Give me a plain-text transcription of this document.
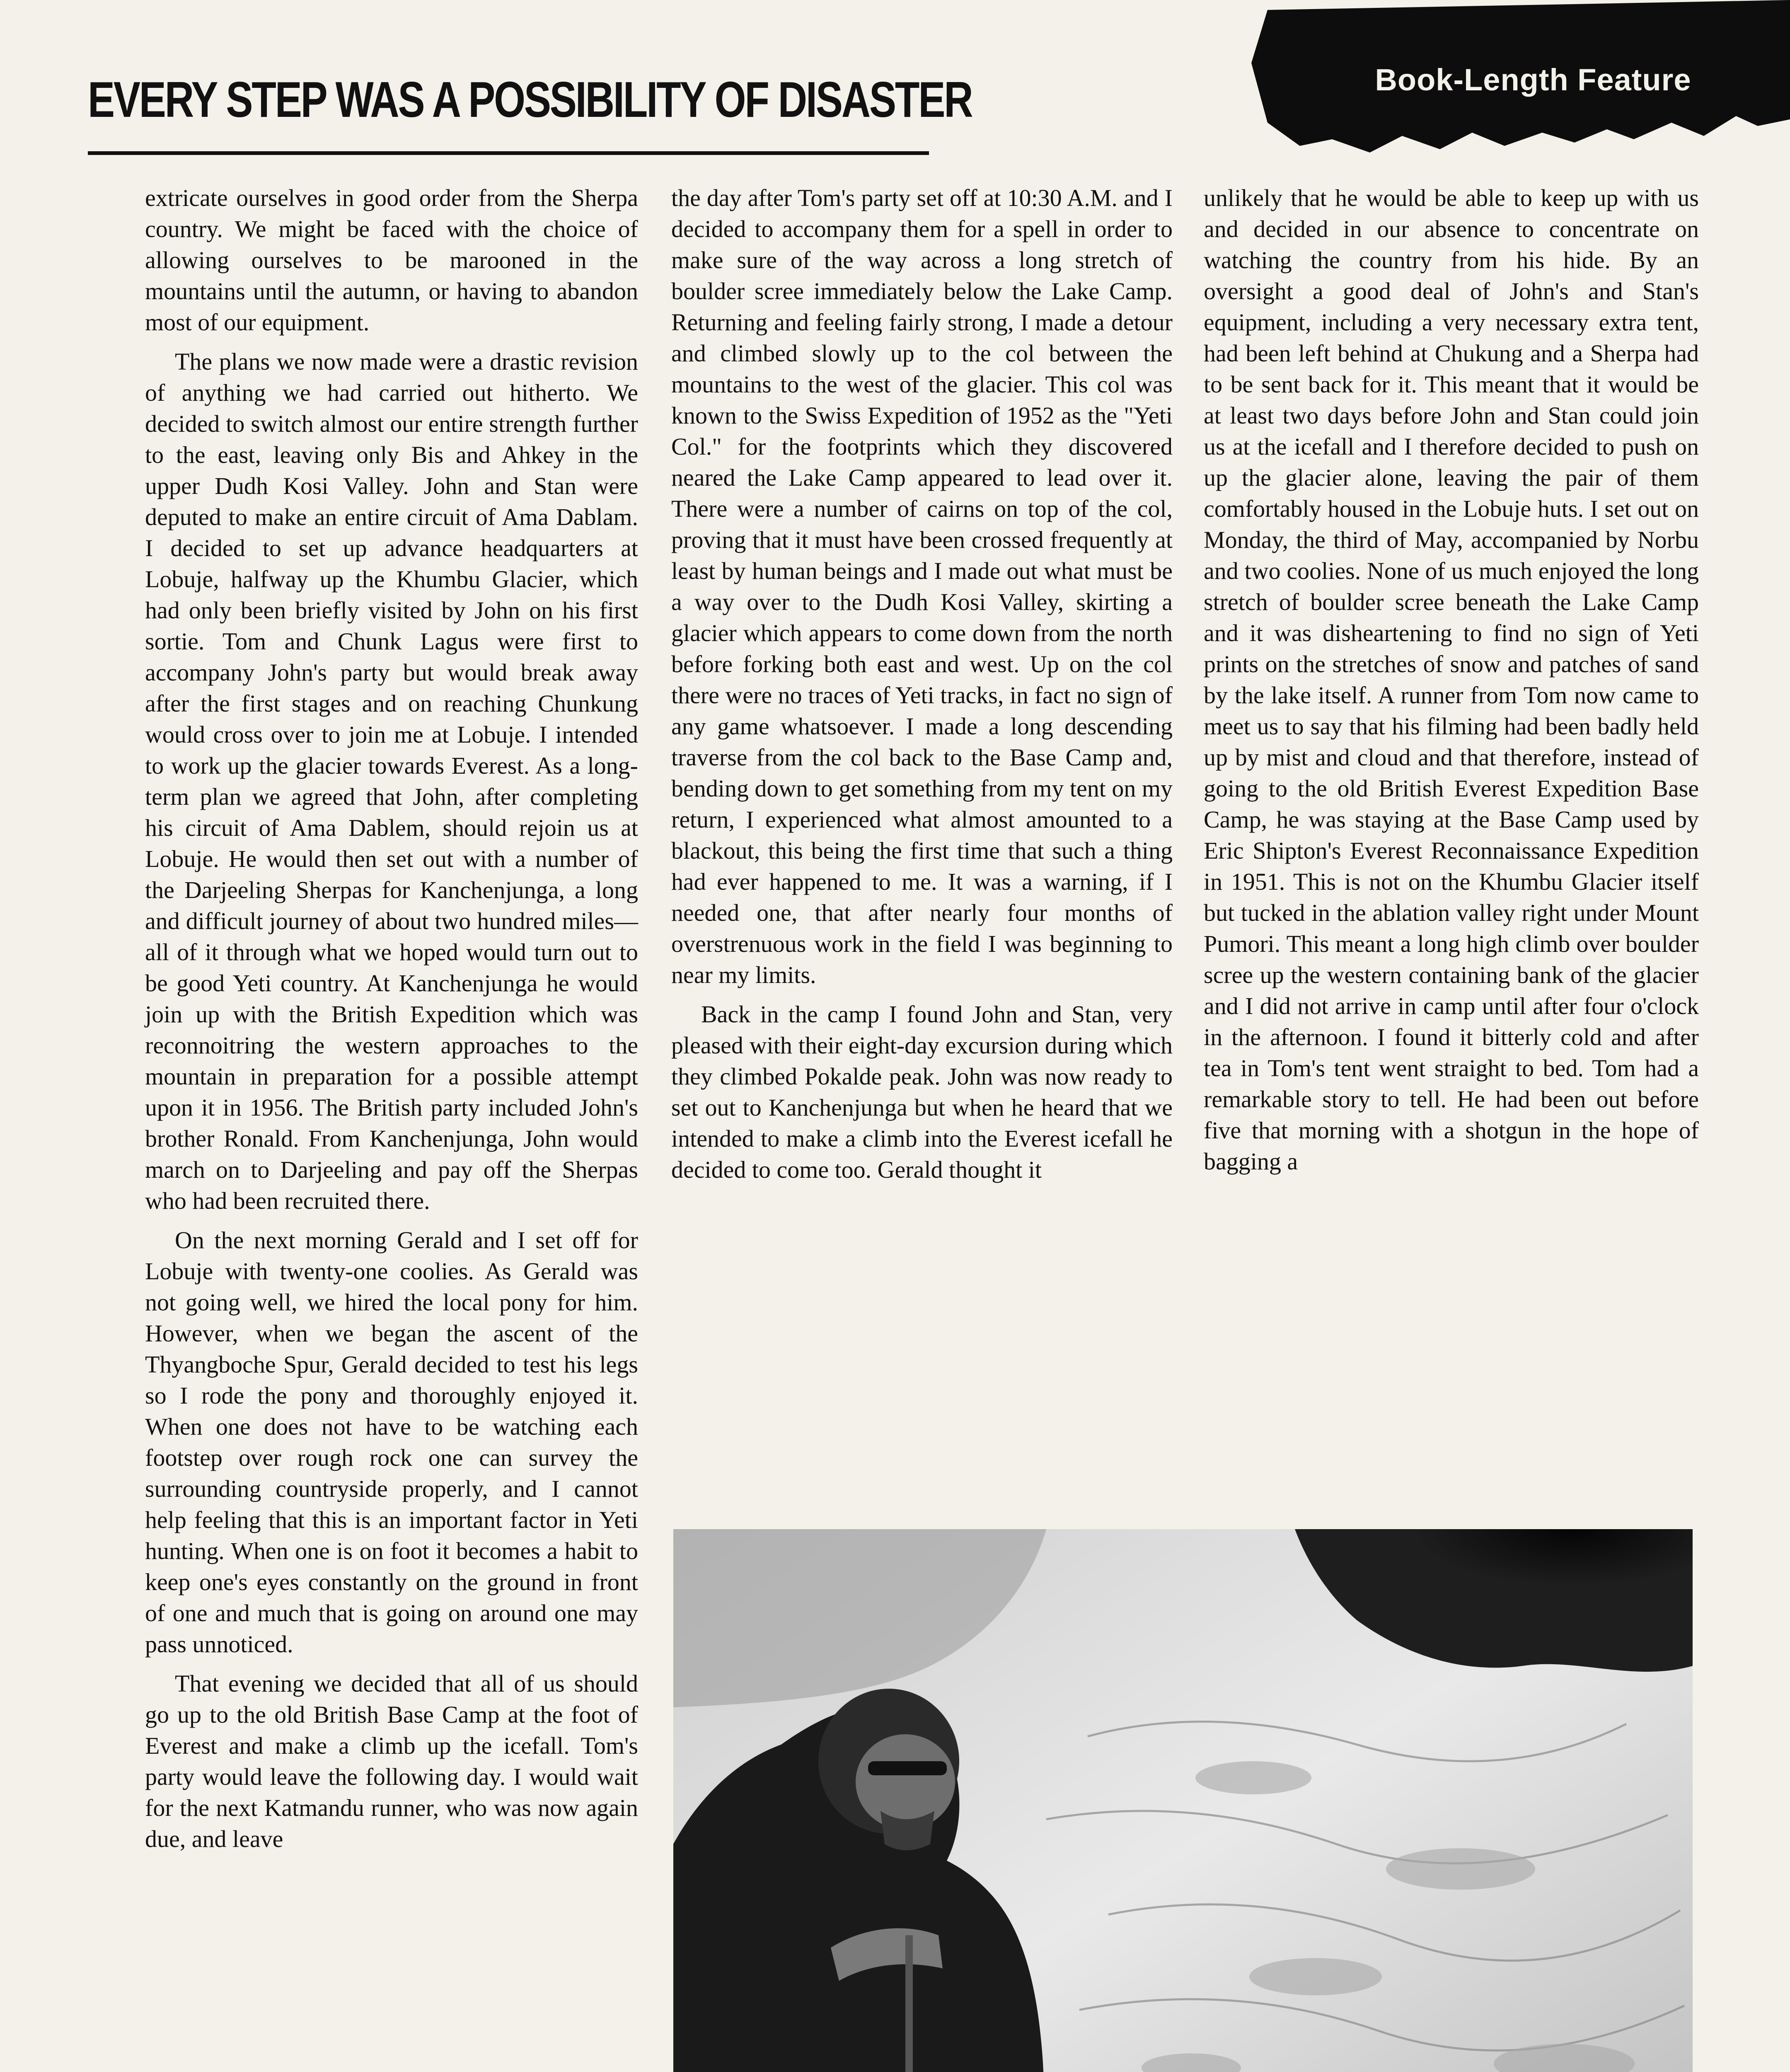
Book-Length Feature
EVERY STEP WAS A POSSIBILITY OF DISASTER

extricate ourselves in good order from the Sherpa country. We might be faced with the choice of allowing ourselves to be marooned in the mountains until the autumn, or having to abandon most of our equipment.

The plans we now made were a drastic revision of anything we had carried out hitherto. We decided to switch almost our entire strength further to the east, leaving only Bis and Ahkey in the upper Dudh Kosi Valley. John and Stan were deputed to make an entire circuit of Ama Dablam. I decided to set up advance headquarters at Lobuje, halfway up the Khumbu Glacier, which had only been briefly visited by John on his first sortie. Tom and Chunk Lagus were first to accompany John's party but would break away after the first stages and on reaching Chunkung would cross over to join me at Lobuje. I intended to work up the glacier towards Everest. As a long-term plan we agreed that John, after completing his circuit of Ama Dablem, should rejoin us at Lobuje. He would then set out with a number of the Darjeeling Sherpas for Kanchenjunga, a long and difficult journey of about two hundred miles—all of it through what we hoped would turn out to be good Yeti country. At Kanchenjunga he would join up with the British Expedition which was reconnoitring the western approaches to the mountain in preparation for a possible attempt upon it in 1956. The British party included John's brother Ronald. From Kanchenjunga, John would march on to Darjeeling and pay off the Sherpas who had been recruited there.

On the next morning Gerald and I set off for Lobuje with twenty-one coolies. As Gerald was not going well, we hired the local pony for him. However, when we began the ascent of the Thyangboche Spur, Gerald decided to test his legs so I rode the pony and thoroughly enjoyed it. When one does not have to be watching each footstep over rough rock one can survey the surrounding countryside properly, and I cannot help feeling that this is an important factor in Yeti hunting. When one is on foot it becomes a habit to keep one's eyes constantly on the ground in front of one and much that is going on around one may pass unnoticed.

That evening we decided that all of us should go up to the old British Base Camp at the foot of Everest and make a climb up the icefall. Tom's party would leave the following day. I would wait for the next Katmandu runner, who was now again due, and leave

the day after Tom's party set off at 10:30 A.M. and I decided to accompany them for a spell in order to make sure of the way across a long stretch of boulder scree immediately below the Lake Camp. Returning and feeling fairly strong, I made a detour and climbed slowly up to the col between the mountains to the west of the glacier. This col was known to the Swiss Expedition of 1952 as the "Yeti Col." for the footprints which they discovered neared the Lake Camp appeared to lead over it. There were a number of cairns on top of the col, proving that it must have been crossed frequently at least by human beings and I made out what must be a way over to the Dudh Kosi Valley, skirting a glacier which appears to come down from the north before forking both east and west. Up on the col there were no traces of Yeti tracks, in fact no sign of any game whatsoever. I made a long descending traverse from the col back to the Base Camp and, bending down to get something from my tent on my return, I experienced what almost amounted to a blackout, this being the first time that such a thing had ever happened to me. It was a warning, if I needed one, that after nearly four months of overstrenuous work in the field I was beginning to near my limits.

Back in the camp I found John and Stan, very pleased with their eight-day excursion during which they climbed Pokalde peak. John was now ready to set out to Kanchenjunga but when he heard that we intended to make a climb into the Everest icefall he decided to come too. Gerald thought it

unlikely that he would be able to keep up with us and decided in our absence to concentrate on watching the country from his hide. By an oversight a good deal of John's and Stan's equipment, including a very necessary extra tent, had been left behind at Chukung and a Sherpa had to be sent back for it. This meant that it would be at least two days before John and Stan could join us at the icefall and I therefore decided to push on up the glacier alone, leaving the pair of them comfortably housed in the Lobuje huts. I set out on Monday, the third of May, accompanied by Norbu and two coolies. None of us much enjoyed the long stretch of boulder scree beneath the Lake Camp and it was disheartening to find no sign of Yeti prints on the stretches of snow and patches of sand by the lake itself. A runner from Tom now came to meet us to say that his filming had been badly held up by mist and cloud and that therefore, instead of going to the old British Everest Expedition Base Camp, he was staying at the Base Camp used by Eric Shipton's Everest Reconnaissance Expedition in 1951. This is not on the Khumbu Glacier itself but tucked in the ablation valley right under Mount Pumori. This meant a long high climb over boulder scree up the western containing bank of the glacier and I did not arrive in camp until after four o'clock in the afternoon. I found it bitterly cold and after tea in Tom's tent went straight to bed. Tom had a remarkable story to tell. He had been out before five that morning with a shotgun in the hope of bagging a
